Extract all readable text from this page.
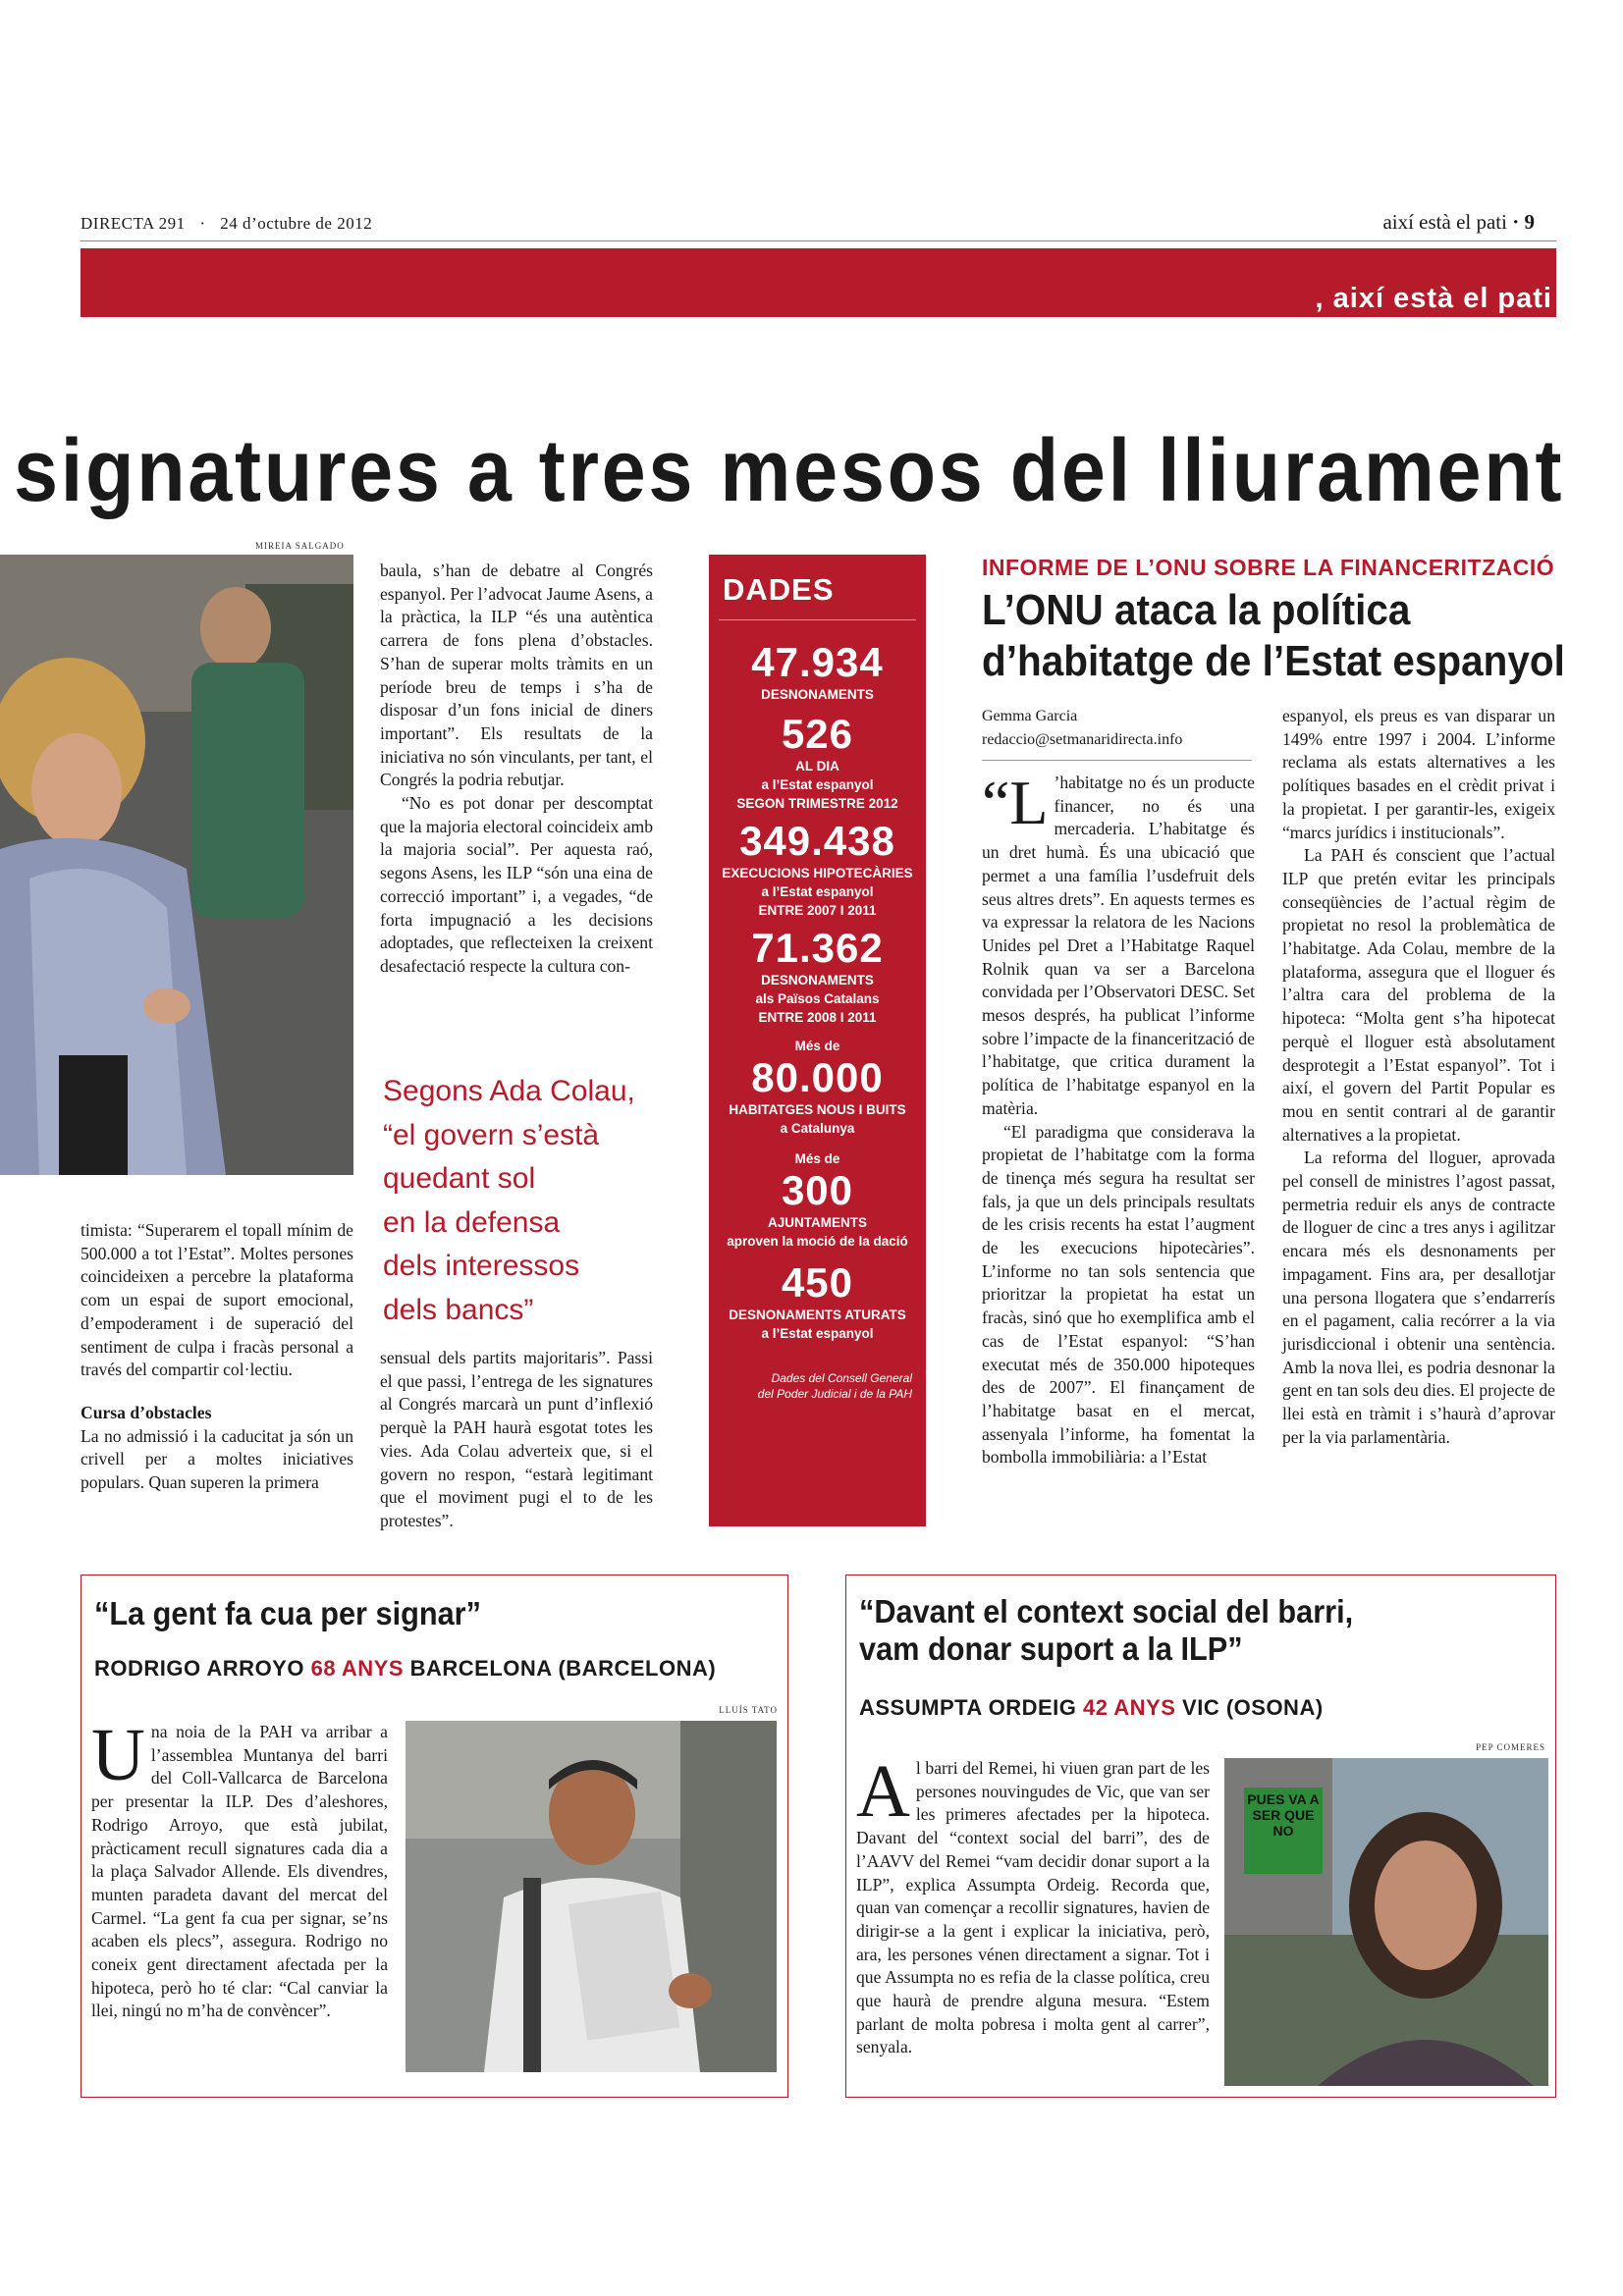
DIRECTA 291 · 24 d’octubre de 2012	així està el pati · 9
, així està el pati
signatures a tres mesos del lliurament
MIREIA SALGADO

baula, s’han de debatre al Congrés espanyol. Per l’advocat Jaume Asens, a la pràctica, la ILP “és una autèntica carrera de fons plena d’obstacles. S’han de superar molts tràmits en un període breu de temps i s’ha de disposar d’un fons inicial de diners important”. Els resultats de la iniciativa no són vinculants, per tant, el Congrés la podria rebutjar.

“No es pot donar per descomptat que la majoria electoral coincideix amb la majoria social”. Per aquesta raó, segons Asens, les ILP “són una eina de correcció important” i, a vegades, “de forta impugnació a les decisions adoptades, que reflecteixen la creixent desafectació respecte la cultura con-

Segons Ada Colau,
“el govern s’està
quedant sol
en la defensa
dels interessos
dels bancs”

sensual dels partits majoritaris”. Passi el que passi, l’entrega de les signatures al Congrés marcarà un punt d’inflexió perquè la PAH haurà esgotat totes les vies. Ada Colau adverteix que, si el govern no respon, “estarà legitimant que el moviment pugi el to de les protestes”.

timista: “Superarem el topall mínim de 500.000 a tot l’Estat”. Moltes persones coincideixen a percebre la plataforma com un espai de suport emocional, d’empoderament i de superació del sentiment de culpa i fracàs personal a través del compartir col·lectiu.

Cursa d’obstacles

La no admissió i la caducitat ja són un crivell per a moltes iniciatives populars. Quan superen la primera

DADES
47.934
DESNONAMENTS
526
AL DIA
a l’Estat espanyol
SEGON TRIMESTRE 2012
349.438
EXECUCIONS HIPOTECÀRIES
a l’Estat espanyol
ENTRE 2007 I 2011
71.362
DESNONAMENTS
als Països Catalans
ENTRE 2008 I 2011
Més de
80.000
HABITATGES NOUS I BUITS
a Catalunya
Més de
300
AJUNTAMENTS
aproven la moció de la dació
450
DESNONAMENTS ATURATS
a l’Estat espanyol
Dades del Consell General
del Poder Judicial i de la PAH
INFORME DE L’ONU SOBRE LA FINANCERITZACIÓ
L’ONU ataca la política
d’habitatge de l’Estat espanyol
Gemma Garcia
redaccio@setmanaridirecta.info

“L ’habitatge no és un producte financer, no és una mercaderia. L’habitatge és un dret humà. És una ubicació que permet a una família l’usdefruit dels seus altres drets”. En aquests termes es va expressar la relatora de les Nacions Unides pel Dret a l’Habitatge Raquel Rolnik quan va ser a Barcelona convidada per l’Observatori DESC. Set mesos després, ha publicat l’informe sobre l’impacte de la financerització de l’habitatge, que critica durament la política de l’habitatge espanyol en la matèria.

“El paradigma que considerava la propietat de l’habitatge com la forma de tinença més segura ha resultat ser fals, ja que un dels principals resultats de les crisis recents ha estat l’augment de les execucions hipotecàries”. L’informe no tan sols sentencia que prioritzar la propietat ha estat un fracàs, sinó que ho exemplifica amb el cas de l’Estat espanyol: “S’han executat més de 350.000 hipoteques des de 2007”. El finançament de l’habitatge basat en el mercat, assenyala l’informe, ha fomentat la bombolla immobiliària: a l’Estat

espanyol, els preus es van disparar un 149% entre 1997 i 2004. L’informe reclama als estats alternatives a les polítiques basades en el crèdit privat i la propietat. I per garantir-les, exigeix “marcs jurídics i institucionals”.

La PAH és conscient que l’actual ILP que pretén evitar les principals conseqüències de l’actual règim de propietat no resol la problemàtica de l’habitatge. Ada Colau, membre de la plataforma, assegura que el lloguer és l’altra cara del problema de la hipoteca: “Molta gent s’ha hipotecat perquè el lloguer està absolutament desprotegit a l’Estat espanyol”. Tot i així, el govern del Partit Popular es mou en sentit contrari al de garantir alternatives a la propietat.

La reforma del lloguer, aprovada pel consell de ministres l’agost passat, permetria reduir els anys de contracte de lloguer de cinc a tres anys i agilitzar encara més els desnonaments per impagament. Fins ara, per desallotjar una persona llogatera que s’endarrerís en el pagament, calia recórrer a la via jurisdiccional i obtenir una sentència. Amb la nova llei, es podria desnonar la gent en tan sols deu dies. El projecte de llei està en tràmit i s’haurà d’aprovar per la via parlamentària.

“La gent fa cua per signar”
RODRIGO ARROYO 68 ANYS BARCELONA (BARCELONA)
LLUÍS TATO

Una noia de la PAH va arribar a l’assemblea Muntanya del barri del Coll-Vallcarca de Barcelona per presentar la ILP. Des d’aleshores, Rodrigo Arroyo, que està jubilat, pràcticament recull signatures cada dia a la plaça Salvador Allende. Els divendres, munten paradeta davant del mercat del Carmel. “La gent fa cua per signar, se’ns acaben els plecs”, assegura. Rodrigo no coneix gent directament afectada per la hipoteca, però ho té clar: “Cal canviar la llei, ningú no m’ha de convèncer”.

“Davant el context social del barri,
vam donar suport a la ILP”
ASSUMPTA ORDEIG 42 ANYS VIC (OSONA)
PEP COMERES

Al barri del Remei, hi viuen gran part de les persones nouvingudes de Vic, que van ser les primeres afectades per la hipoteca. Davant del “context social del barri”, des de l’AAVV del Remei “vam decidir donar suport a la ILP”, explica Assumpta Ordeig. Recorda que, quan van començar a recollir signatures, havien de dirigir-se a la gent i explicar la iniciativa, però, ara, les persones vénen directament a signar. Tot i que Assumpta no es refia de la classe política, creu que haurà de prendre alguna mesura. “Estem parlant de molta pobresa i molta gent al carrer”, senyala.

PUES VA A SER QUE NO
